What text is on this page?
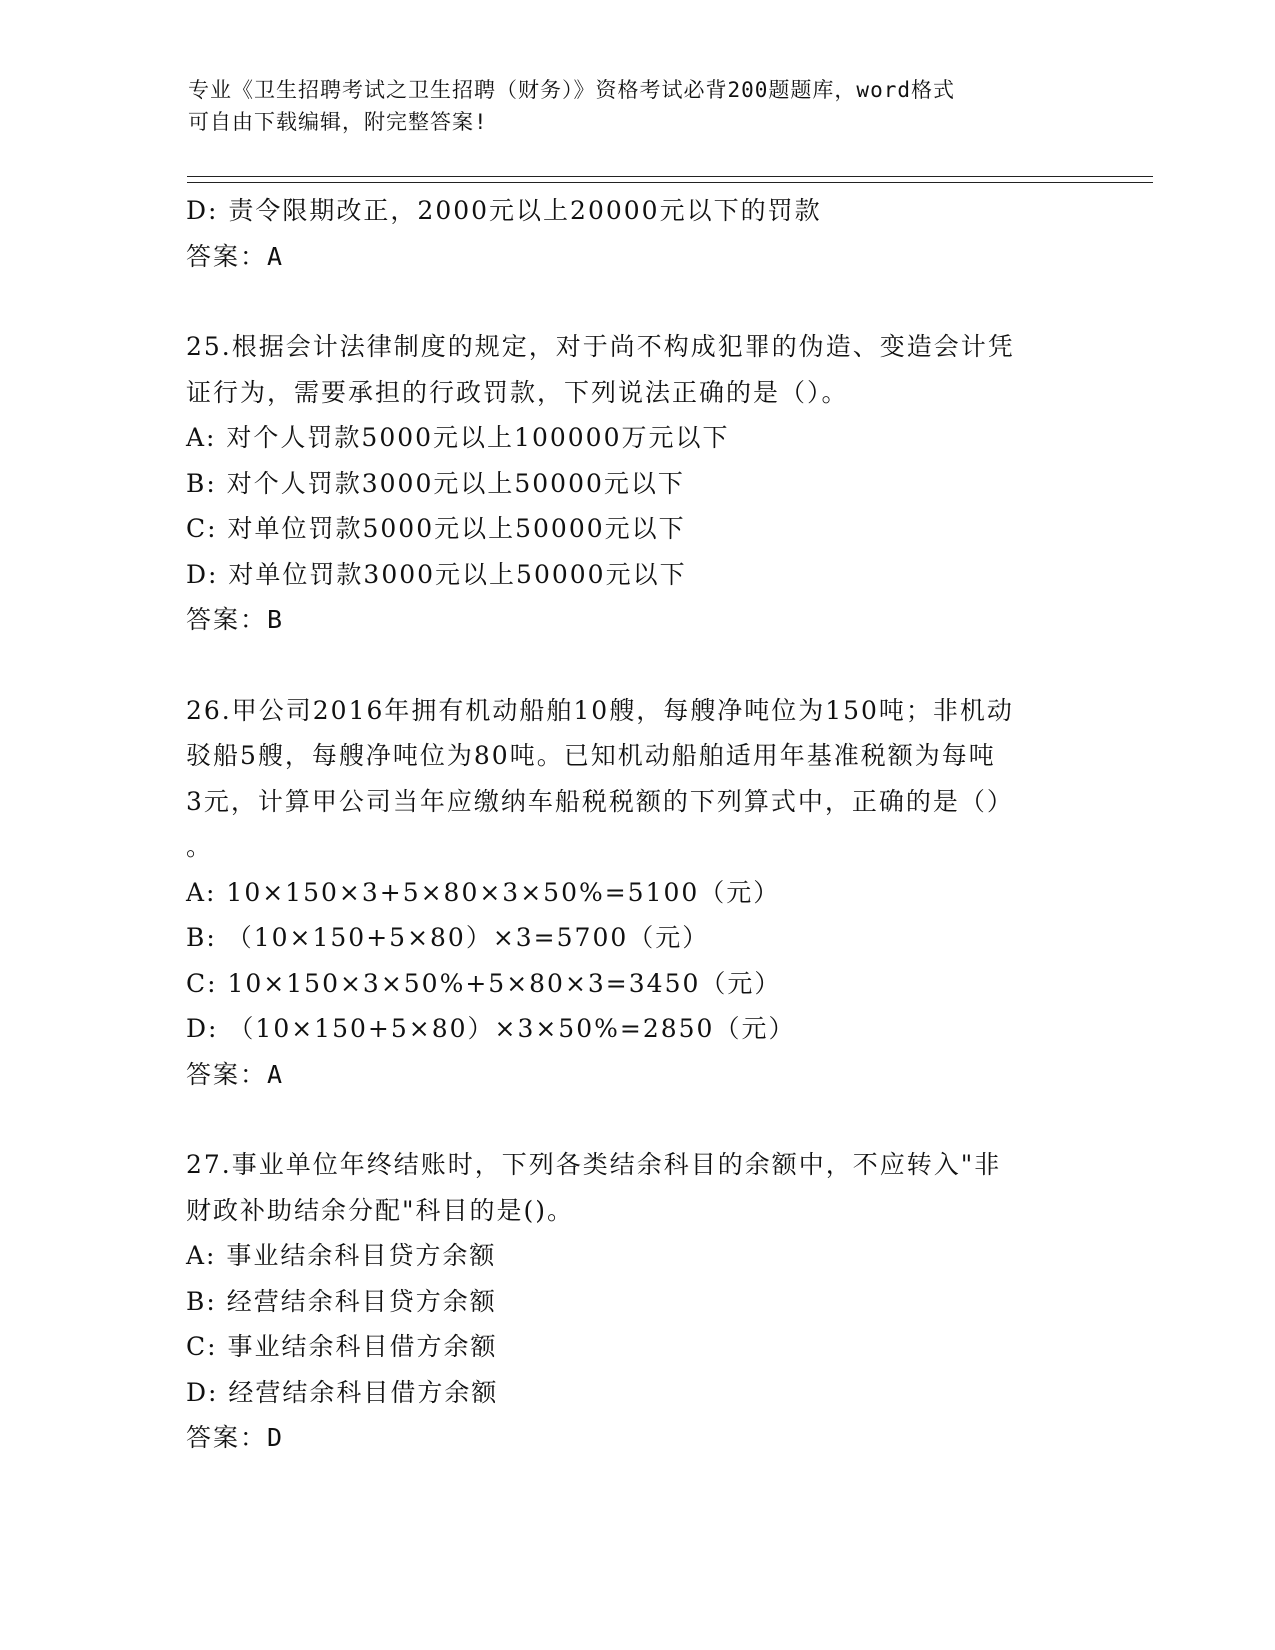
专业《卫生招聘考试之卫生招聘（财务）》资格考试必背200题题库，word格式
可自由下载编辑，附完整答案!
D: 责令限期改正，2000元以上20000元以下的罚款
答案：A
25.根据会计法律制度的规定，对于尚不构成犯罪的伪造、变造会计凭
证行为，需要承担的行政罚款，下列说法正确的是（）。
A: 对个人罚款5000元以上100000万元以下
B: 对个人罚款3000元以上50000元以下
C: 对单位罚款5000元以上50000元以下
D: 对单位罚款3000元以上50000元以下
答案：B
26.甲公司2016年拥有机动船舶10艘，每艘净吨位为150吨；非机动
驳船5艘，每艘净吨位为80吨。已知机动船舶适用年基准税额为每吨
3元，计算甲公司当年应缴纳车船税税额的下列算式中，正确的是（）
。
A: 10×150×3+5×80×3×50%=5100（元）
B: （10×150+5×80）×3=5700（元）
C: 10×150×3×50%+5×80×3=3450（元）
D: （10×150+5×80）×3×50%=2850（元）
答案：A
27.事业单位年终结账时，下列各类结余科目的余额中，不应转入"非
财政补助结余分配"科目的是()。
A: 事业结余科目贷方余额
B: 经营结余科目贷方余额
C: 事业结余科目借方余额
D: 经营结余科目借方余额
答案：D
